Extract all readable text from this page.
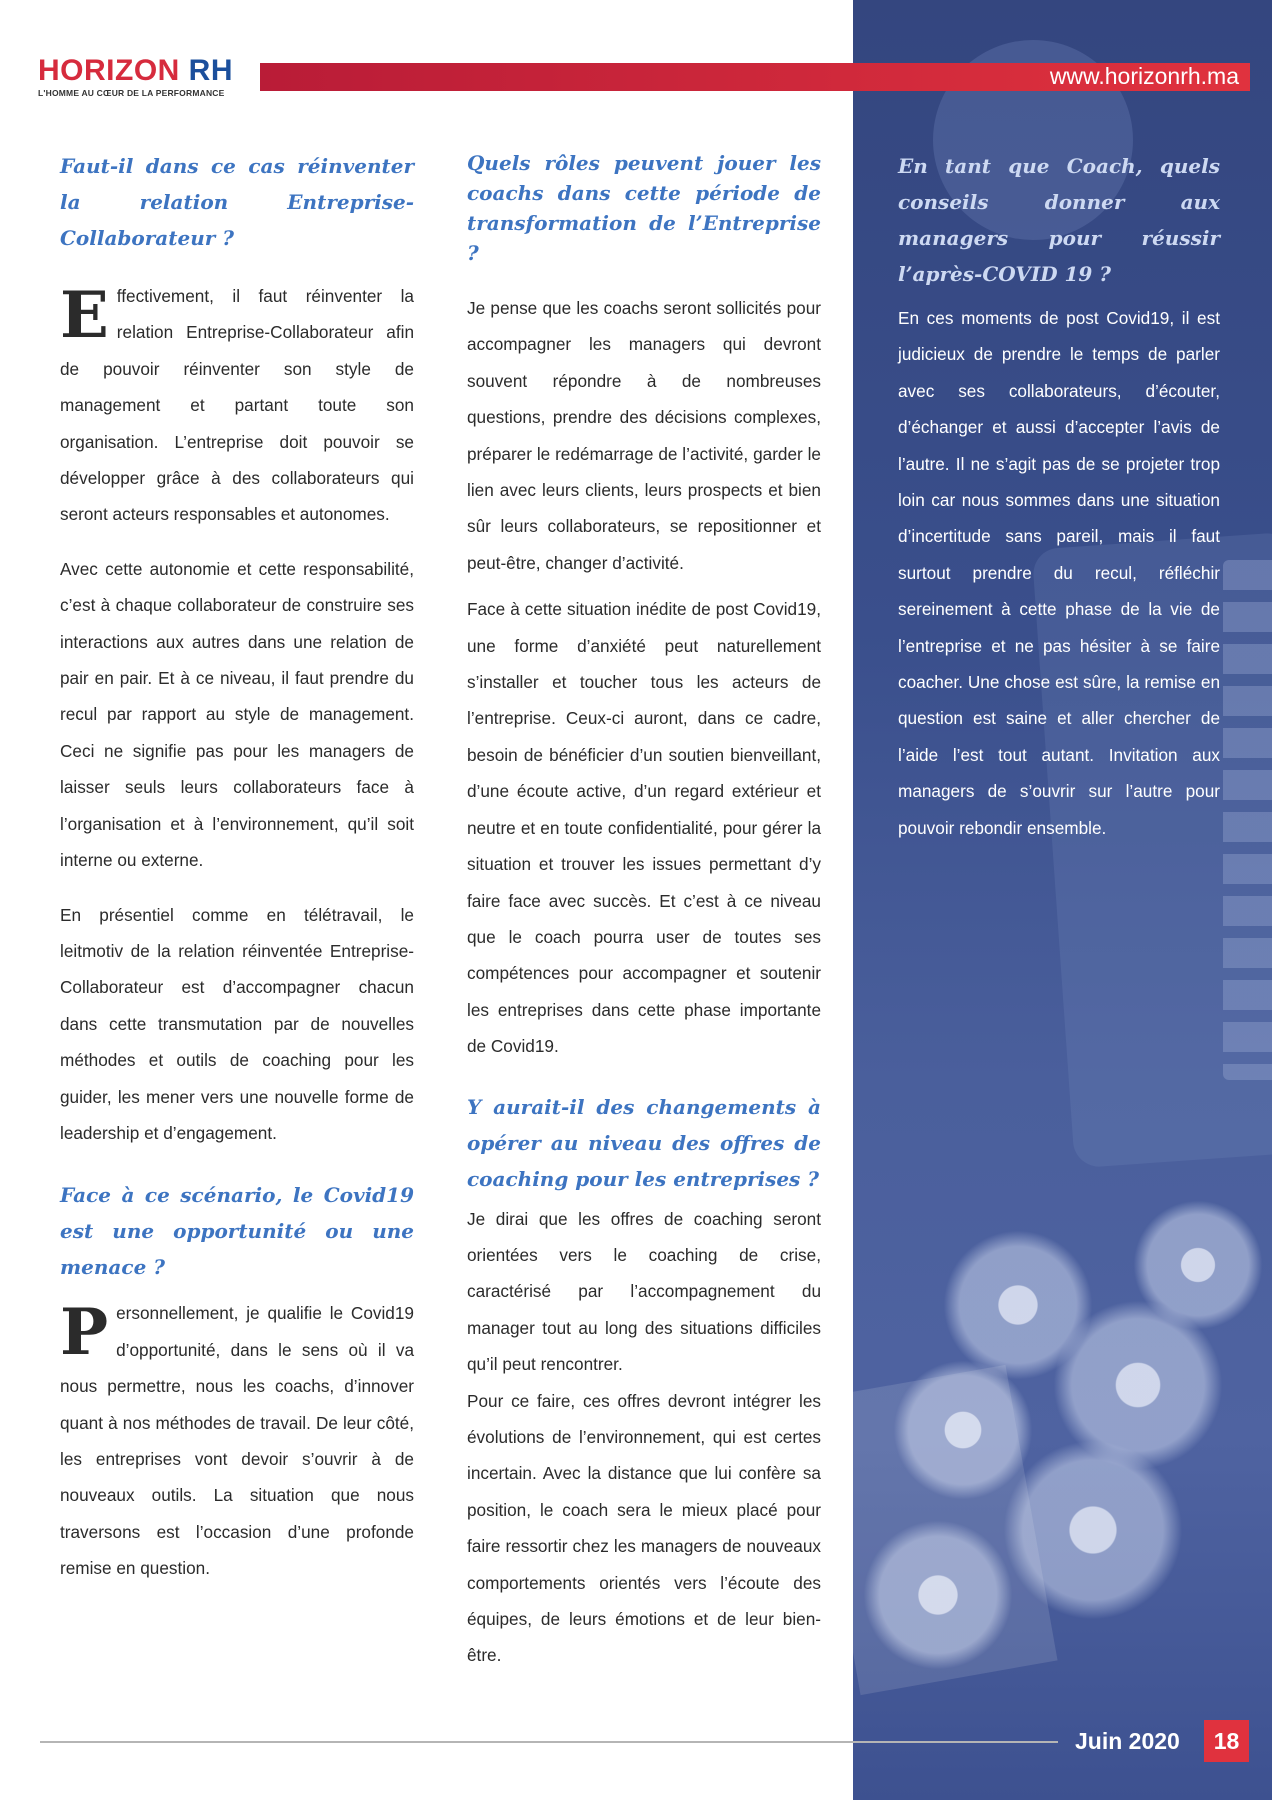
HORIZON RH
L'HOMME AU CŒUR DE LA PERFORMANCE
www.horizonrh.ma
Faut-il dans ce cas réinventer la relation Entreprise-Collaborateur ?

Effectivement, il faut réinventer la relation Entreprise-Collaborateur afin de pouvoir réinventer son style de management et partant toute son organisation. L’entreprise doit pouvoir se développer grâce à des collaborateurs qui seront acteurs responsables et autonomes.

Avec cette autonomie et cette responsabilité, c’est à chaque collaborateur de construire ses interactions aux autres dans une relation de pair en pair. Et à ce niveau, il faut prendre du recul par rapport au style de management. Ceci ne signifie pas pour les managers de laisser seuls leurs collaborateurs face à l’organisation et à l’environnement, qu’il soit interne ou externe.

En présentiel comme en télétravail, le leitmotiv de la relation réinventée Entreprise-Collaborateur est d’accompagner chacun dans cette transmutation par de nouvelles méthodes et outils de coaching pour les guider, les mener vers une nouvelle forme de leadership et d’engagement.

Face à ce scénario, le Covid19 est une opportunité ou une menace ?

Personnellement, je qualifie le Covid19 d’opportunité, dans le sens où il va nous permettre, nous les coachs, d’innover quant à nos méthodes de travail. De leur côté, les entreprises vont devoir s’ouvrir à de nouveaux outils. La situation que nous traversons est l’occasion d’une profonde remise en question.

Quels rôles peuvent jouer les coachs dans cette période de transformation de l’Entreprise ?

Je pense que les coachs seront sollicités pour accompagner les managers qui devront souvent répondre à de nombreuses questions, prendre des décisions complexes, préparer le redémarrage de l’activité, garder le lien avec leurs clients, leurs prospects et bien sûr leurs collaborateurs, se repositionner et peut-être, changer d’activité.

Face à cette situation inédite de post Covid19, une forme d’anxiété peut naturellement s’installer et toucher tous les acteurs de l’entreprise. Ceux-ci auront, dans ce cadre, besoin de bénéficier d’un soutien bienveillant, d’une écoute active, d’un regard extérieur et neutre et en toute confidentialité, pour gérer la situation et trouver les issues permettant d’y faire face avec succès. Et c’est à ce niveau que le coach pourra user de toutes ses compétences pour accompagner et soutenir les entreprises dans cette phase importante de Covid19.

Y aurait-il des changements à opérer au niveau des offres de coaching pour les entreprises ?

Je dirai que les offres de coaching seront orientées vers le coaching de crise, caractérisé par l’accompagnement du manager tout au long des situations difficiles qu’il peut rencontrer.

Pour ce faire, ces offres devront intégrer les évolutions de l’environnement, qui est certes incertain. Avec la distance que lui confère sa position, le coach sera le mieux placé pour faire ressortir chez les managers de nouveaux comportements orientés vers l’écoute des équipes, de leurs émotions et de leur bien-être.

En tant que Coach, quels conseils donner aux managers pour réussir l’après-COVID 19 ?

En ces moments de post Covid19, il est judicieux de prendre le temps de parler avec ses collaborateurs, d’écouter, d’échanger et aussi d’accepter l’avis de l’autre. Il ne s’agit pas de se projeter trop loin car nous sommes dans une situation d’incertitude sans pareil, mais il faut surtout prendre du recul, réfléchir sereinement à cette phase de la vie de l’entreprise et ne pas hésiter à se faire coacher. Une chose est sûre, la remise en question est saine et aller chercher de l’aide l’est tout autant. Invitation aux managers de s’ouvrir sur l’autre pour pouvoir rebondir ensemble.

Juin 2020	18
